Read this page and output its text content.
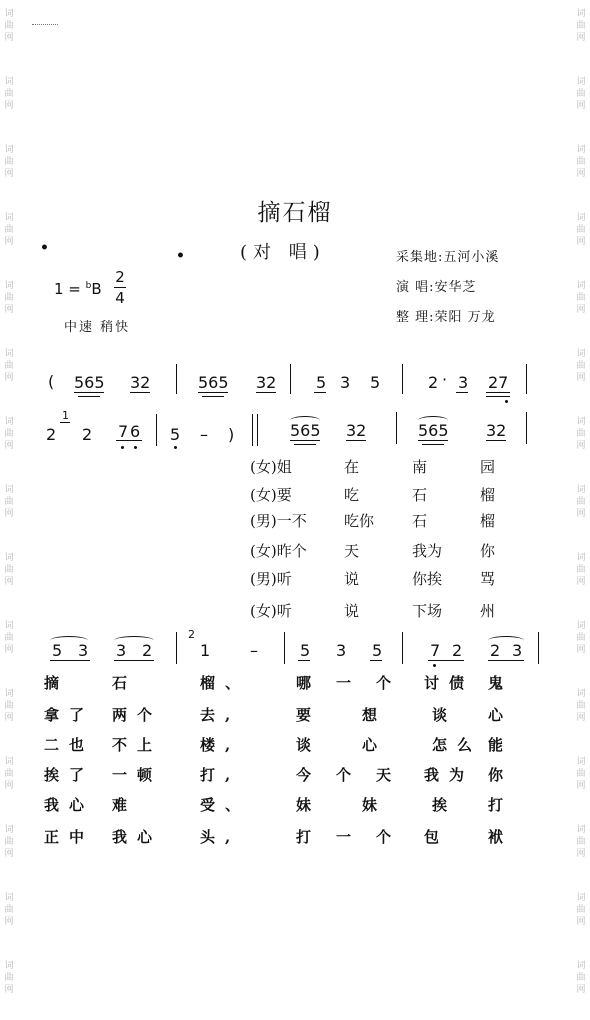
词
曲
网
词
曲
网
词
曲
网
词
曲
网
词
曲
网
词
曲
网
词
曲
网
词
曲
网
词
曲
网
词
曲
网
词
曲
网
词
曲
网
词
曲
网
词
曲
网
词
曲
网
词
曲
网
词
曲
网
词
曲
网
词
曲
网
词
曲
网
词
曲
网
词
曲
网
词
曲
网
词
曲
网
词
曲
网
词
曲
网
词
曲
网
词
曲
网
词
曲
网
词
曲
网
摘石榴
(对 唱)
•	•	采集地:五河小溪
演 唱:安华芝
整 理:荣阳 万龙
1 = $^b$B
2
4
中速 稍快
( 565 32	565 32 5 3 5	2 · 3 27
2
1
2 7 6 5 – )	565 32	565 32
(女)姐	在	南	园
(女)要	吃	石	榴
(男)一不 吃你	石	榴
(女)昨个 天	我为	你
(男)听	说	你挨	骂
(女)听	说	下场	州
5 3 3 2
2
1 –	5 3 5	7 2 2 3
摘	石	榴、	哪 一 个 讨债 鬼
拿了 两个	去,	要	想	谈	心
二也 不上	楼,	谈	心	怎么 能
挨了 一顿	打,	今 个 天 我为 你
我心 难	受、	妹	妹	挨	打
正中 我心	头,	打 一 个 包	袱
